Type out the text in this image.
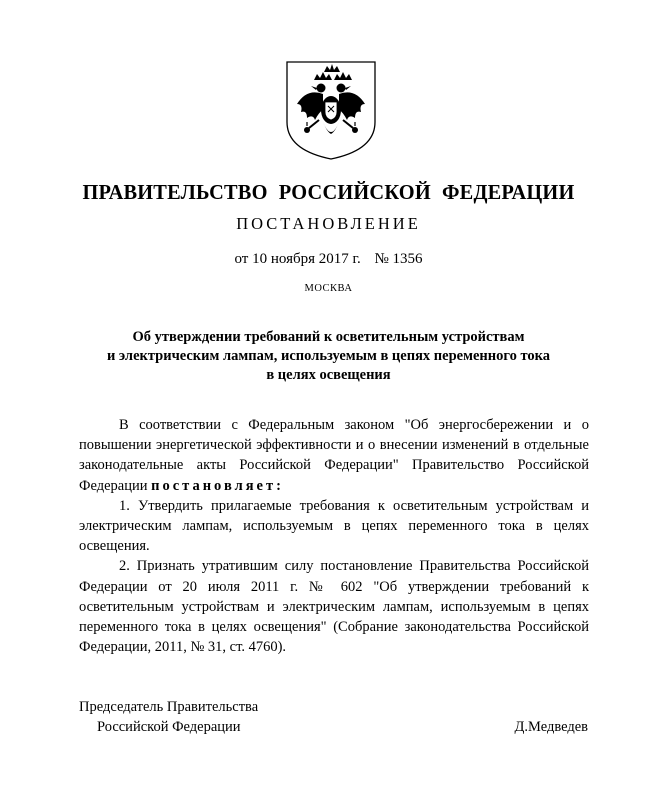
ПРАВИТЕЛЬСТВО РОССИЙСКОЙ ФЕДЕРАЦИИ
ПОСТАНОВЛЕНИЕ
от 10 ноября 2017 г. № 1356
МОСКВА
Об утверждении требований к осветительным устройствам
и электрическим лампам, используемым в цепях переменного тока
в целях освещения

В соответствии с Федеральным законом "Об энергосбережении и о повышении энергетической эффективности и о внесении изменений в отдельные законодательные акты Российской Федерации" Правительство Российской Федерации постановляет:

1. Утвердить прилагаемые требования к осветительным устройствам и электрическим лампам, используемым в цепях переменного тока в целях освещения.

2. Признать утратившим силу постановление Правительства Российской Федерации от 20 июля 2011 г. № 602 "Об утверждении требований к осветительным устройствам и электрическим лампам, используемым в цепях переменного тока в целях освещения" (Собрание законодательства Российской Федерации, 2011, № 31, ст. 4760).

Председатель Правительства
Российской Федерации	Д.Медведев
